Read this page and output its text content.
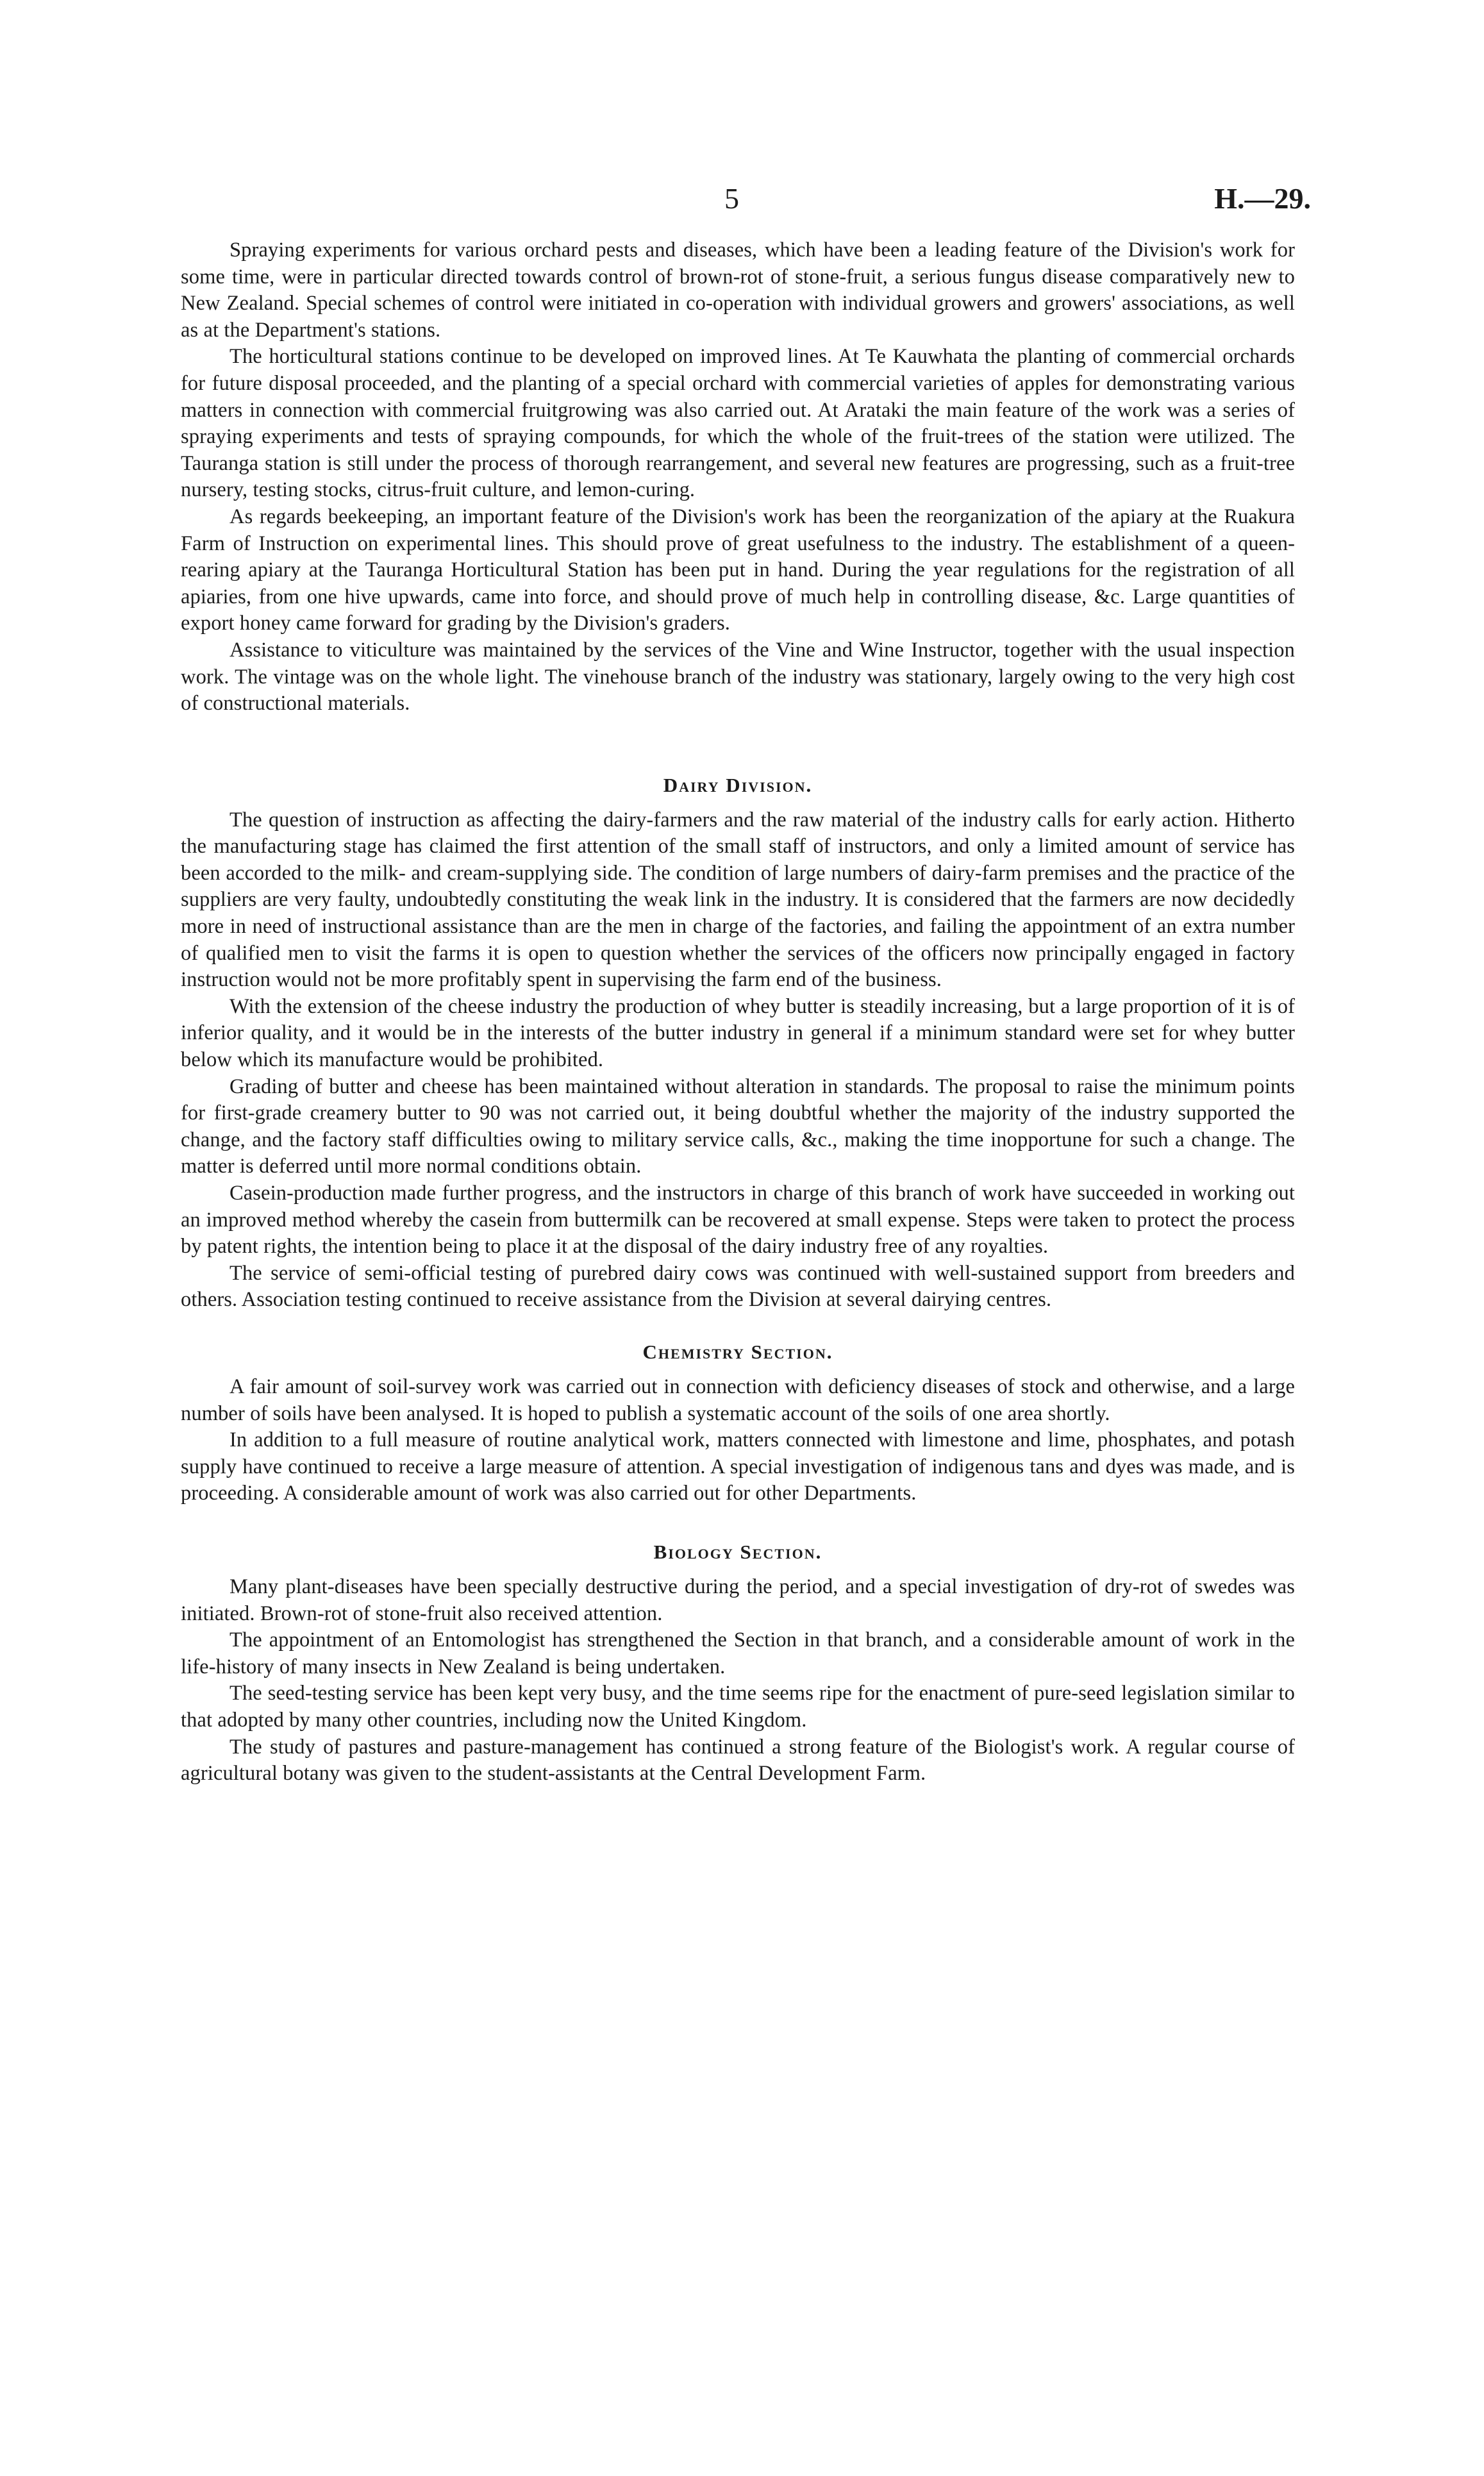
5	H.—29.

Spraying experiments for various orchard pests and diseases, which have been a leading feature of the Division's work for some time, were in particular directed towards control of brown-rot of stone-fruit, a serious fungus disease comparatively new to New Zealand. Special schemes of control were initiated in co-operation with individual growers and growers' associations, as well as at the Department's stations.

The horticultural stations continue to be developed on improved lines. At Te Kauwhata the planting of commercial orchards for future disposal proceeded, and the planting of a special orchard with commercial varieties of apples for demonstrating various matters in connection with commercial fruitgrowing was also carried out. At Arataki the main feature of the work was a series of spraying experiments and tests of spraying compounds, for which the whole of the fruit-trees of the station were utilized. The Tauranga station is still under the process of thorough rearrangement, and several new features are progressing, such as a fruit-tree nursery, testing stocks, citrus-fruit culture, and lemon-curing.

As regards beekeeping, an important feature of the Division's work has been the reorganization of the apiary at the Ruakura Farm of Instruction on experimental lines. This should prove of great usefulness to the industry. The establishment of a queen-rearing apiary at the Tauranga Horticultural Station has been put in hand. During the year regulations for the registration of all apiaries, from one hive upwards, came into force, and should prove of much help in controlling disease, &c. Large quantities of export honey came forward for grading by the Division's graders.

Assistance to viticulture was maintained by the services of the Vine and Wine Instructor, together with the usual inspection work. The vintage was on the whole light. The vinehouse branch of the industry was stationary, largely owing to the very high cost of constructional materials.

Dairy Division.

The question of instruction as affecting the dairy-farmers and the raw material of the industry calls for early action. Hitherto the manufacturing stage has claimed the first attention of the small staff of instructors, and only a limited amount of service has been accorded to the milk- and cream-supplying side. The condition of large numbers of dairy-farm premises and the practice of the suppliers are very faulty, undoubtedly constituting the weak link in the industry. It is considered that the farmers are now decidedly more in need of instructional assistance than are the men in charge of the factories, and failing the appointment of an extra number of qualified men to visit the farms it is open to question whether the services of the officers now principally engaged in factory instruction would not be more profitably spent in supervising the farm end of the business.

With the extension of the cheese industry the production of whey butter is steadily increasing, but a large proportion of it is of inferior quality, and it would be in the interests of the butter industry in general if a minimum standard were set for whey butter below which its manufacture would be prohibited.

Grading of butter and cheese has been maintained without alteration in standards. The proposal to raise the minimum points for first-grade creamery butter to 90 was not carried out, it being doubtful whether the majority of the industry supported the change, and the factory staff difficulties owing to military service calls, &c., making the time inopportune for such a change. The matter is deferred until more normal conditions obtain.

Casein-production made further progress, and the instructors in charge of this branch of work have succeeded in working out an improved method whereby the casein from buttermilk can be recovered at small expense. Steps were taken to protect the process by patent rights, the intention being to place it at the disposal of the dairy industry free of any royalties.

The service of semi-official testing of purebred dairy cows was continued with well-sustained support from breeders and others. Association testing continued to receive assistance from the Division at several dairying centres.

Chemistry Section.

A fair amount of soil-survey work was carried out in connection with deficiency diseases of stock and otherwise, and a large number of soils have been analysed. It is hoped to publish a systematic account of the soils of one area shortly.

In addition to a full measure of routine analytical work, matters connected with limestone and lime, phosphates, and potash supply have continued to receive a large measure of attention. A special investigation of indigenous tans and dyes was made, and is proceeding. A considerable amount of work was also carried out for other Departments.

Biology Section.

Many plant-diseases have been specially destructive during the period, and a special investigation of dry-rot of swedes was initiated. Brown-rot of stone-fruit also received attention.

The appointment of an Entomologist has strengthened the Section in that branch, and a considerable amount of work in the life-history of many insects in New Zealand is being undertaken.

The seed-testing service has been kept very busy, and the time seems ripe for the enactment of pure-seed legislation similar to that adopted by many other countries, including now the United Kingdom.

The study of pastures and pasture-management has continued a strong feature of the Biologist's work. A regular course of agricultural botany was given to the student-assistants at the Central Development Farm.
